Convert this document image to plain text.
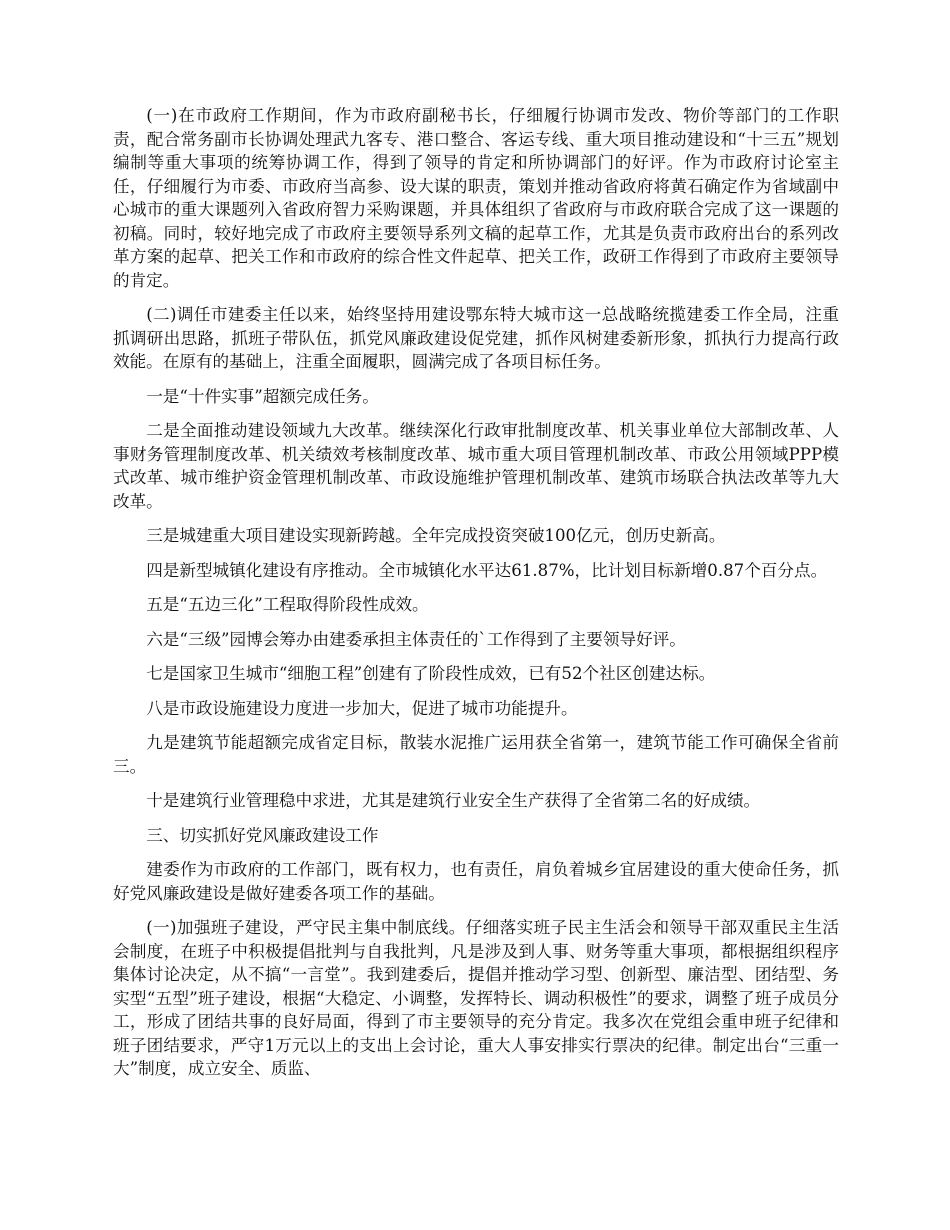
(一)在市政府工作期间，作为市政府副秘书长，仔细履行协调市发改、物价等部门的工作职责，配合常务副市长协调处理武九客专、港口整合、客运专线、重大项目推动建设和“十三五”规划编制等重大事项的统筹协调工作，得到了领导的肯定和所协调部门的好评。作为市政府讨论室主任，仔细履行为市委、市政府当高参、设大谋的职责，策划并推动省政府将黄石确定作为省域副中心城市的重大课题列入省政府智力采购课题，并具体组织了省政府与市政府联合完成了这一课题的初稿。同时，较好地完成了市政府主要领导系列文稿的起草工作，尤其是负责市政府出台的系列改革方案的起草、把关工作和市政府的综合性文件起草、把关工作，政研工作得到了市政府主要领导的肯定。

(二)调任市建委主任以来，始终坚持用建设鄂东特大城市这一总战略统揽建委工作全局，注重抓调研出思路，抓班子带队伍，抓党风廉政建设促党建，抓作风树建委新形象，抓执行力提高行政效能。在原有的基础上，注重全面履职，圆满完成了各项目标任务。

一是“十件实事”超额完成任务。

二是全面推动建设领域九大改革。继续深化行政审批制度改革、机关事业单位大部制改革、人事财务管理制度改革、机关绩效考核制度改革、城市重大项目管理机制改革、市政公用领域PPP模式改革、城市维护资金管理机制改革、市政设施维护管理机制改革、建筑市场联合执法改革等九大改革。

三是城建重大项目建设实现新跨越。全年完成投资突破100亿元，创历史新高。

四是新型城镇化建设有序推动。全市城镇化水平达61.87%，比计划目标新增0.87个百分点。

五是“五边三化”工程取得阶段性成效。

六是“三级”园博会筹办由建委承担主体责任的`工作得到了主要领导好评。

七是国家卫生城市“细胞工程”创建有了阶段性成效，已有52个社区创建达标。

八是市政设施建设力度进一步加大，促进了城市功能提升。

九是建筑节能超额完成省定目标，散装水泥推广运用获全省第一，建筑节能工作可确保全省前三。

十是建筑行业管理稳中求进，尤其是建筑行业安全生产获得了全省第二名的好成绩。

三、切实抓好党风廉政建设工作

建委作为市政府的工作部门，既有权力，也有责任，肩负着城乡宜居建设的重大使命任务，抓好党风廉政建设是做好建委各项工作的基础。

(一)加强班子建设，严守民主集中制底线。仔细落实班子民主生活会和领导干部双重民主生活会制度，在班子中积极提倡批判与自我批判，凡是涉及到人事、财务等重大事项，都根据组织程序集体讨论决定，从不搞“一言堂”。我到建委后，提倡并推动学习型、创新型、廉洁型、团结型、务实型“五型”班子建设，根据“大稳定、小调整，发挥特长、调动积极性”的要求，调整了班子成员分工，形成了团结共事的良好局面，得到了市主要领导的充分肯定。我多次在党组会重申班子纪律和班子团结要求，严守1万元以上的支出上会讨论，重大人事安排实行票决的纪律。制定出台“三重一大”制度，成立安全、质监、
